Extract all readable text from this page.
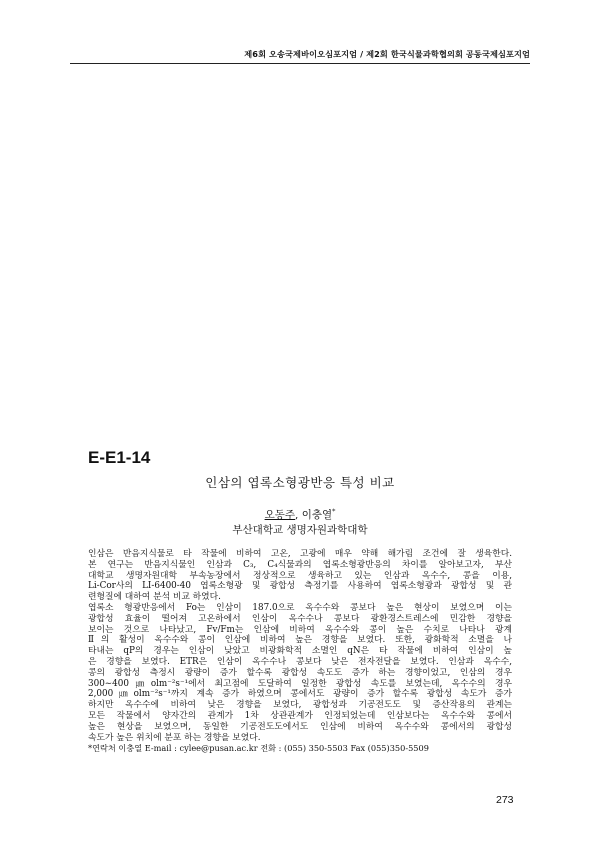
제6회 오송국제바이오심포지엄 / 제2회 한국식물과학협의회 공동국제심포지엄
E-E1-14
인삼의 엽록소형광반응 특성 비교
오동주, 이충열*
부산대학교 생명자원과학대학

인삼은 반음지식물로 타 작물에 비하여 고온, 고광에 매우 약해 해가림 조건에 잘 생육한다.

본 연구는 반음지식물인 인삼과 C₃, C₄식물과의 엽록소형광반응의 차이를 알아보고자, 부산

대학교 생명자원대학 부속농장에서 정상적으로 생육하고 있는 인삼과 옥수수, 콩을 이용,

Li-Cor사의 LI-6400-40 엽록소형광 및 광합성 측정기를 사용하여 엽록소형광과 광합성 및 관

련형질에 대하여 분석 비교 하였다.

엽록소 형광반응에서 Fo는 인삼이 187.0으로 옥수수와 콩보다 높은 현상이 보였으며 이는

광합성 효율이 떨어져 고온하에서 인삼이 옥수수나 콩보다 광환경스트레스에 민감한 경향을

보이는 것으로 나타났고, Fv/Fm는 인삼에 비하여 옥수수와 콩이 높은 수치로 나타나 광계

Ⅱ의 활성이 옥수수와 콩이 인삼에 비하여 높은 경향을 보였다. 또한, 광화학적 소멸을 나

타내는 qP의 경우는 인삼이 낮았고 비광화학적 소멸인 qN은 타 작물에 비하여 인삼이 높

은 경향을 보였다. ETR은 인삼이 옥수수나 콩보다 낮은 전자전달을 보였다. 인삼과 옥수수,

콩의 광합성 측정시 광량이 증가 할수록 광합성 속도도 증가 하는 경향이었고, 인삼의 경우

300∼400㎛olm⁻²s⁻¹에서 최고점에 도달하여 일정한 광합성 속도를 보였는데, 옥수수의 경우

2,000㎛olm⁻²s⁻¹까지 계속 증가 하였으며 콩에서도 광량이 증가 할수록 광합성 속도가 증가

하지만 옥수수에 비하여 낮은 경향을 보였다, 광합성과 기공전도도 및 증산작용의 관계는

모든 작물에서 양자간의 관계가 1차 상관관계가 인정되었는데 인삼보다는 옥수수와 콩에서

높은 현상을 보였으며, 동일한 기공전도도에서도 인삼에 비하여 옥수수와 콩에서의 광합성

속도가 높은 위치에 분포 하는 경향을 보였다.

*연락처 이충열 E-mail : cylee@pusan.ac.kr 전화 : (055) 350-5503 Fax (055)350-5509

273
